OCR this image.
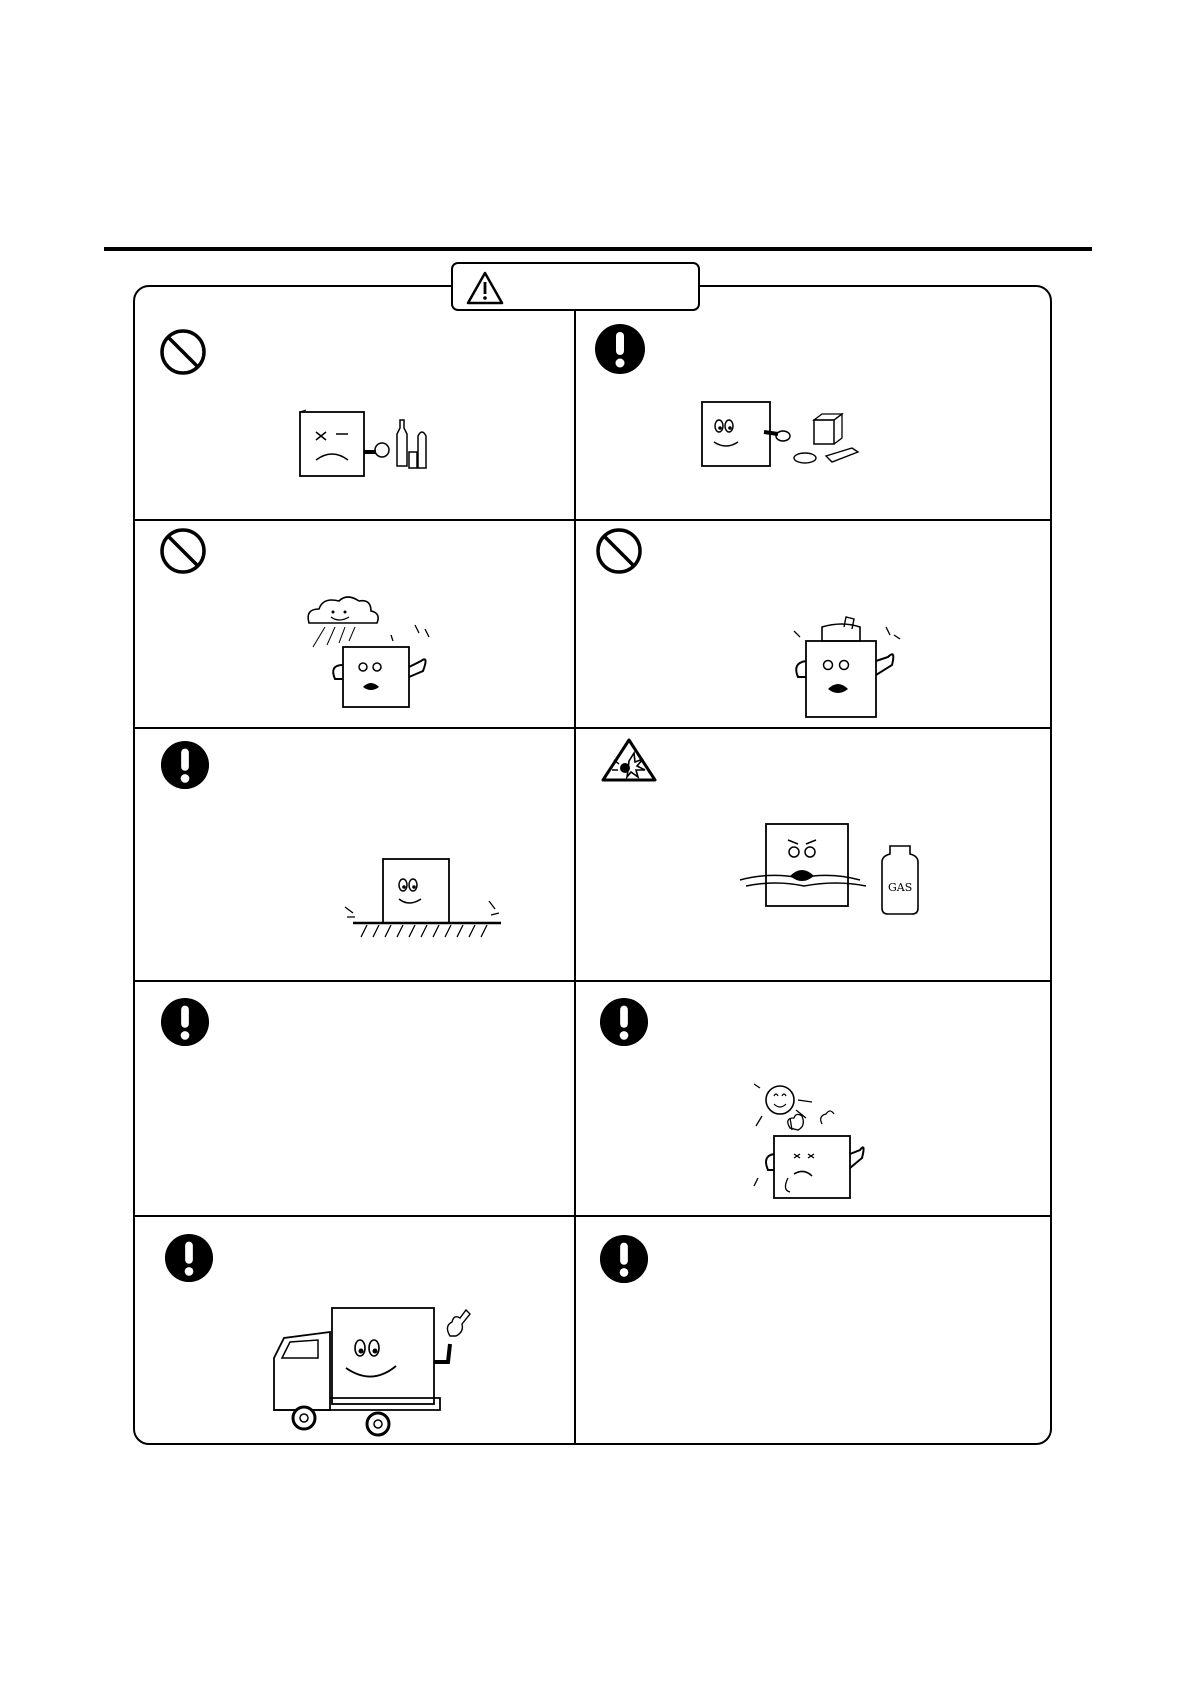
GAS
